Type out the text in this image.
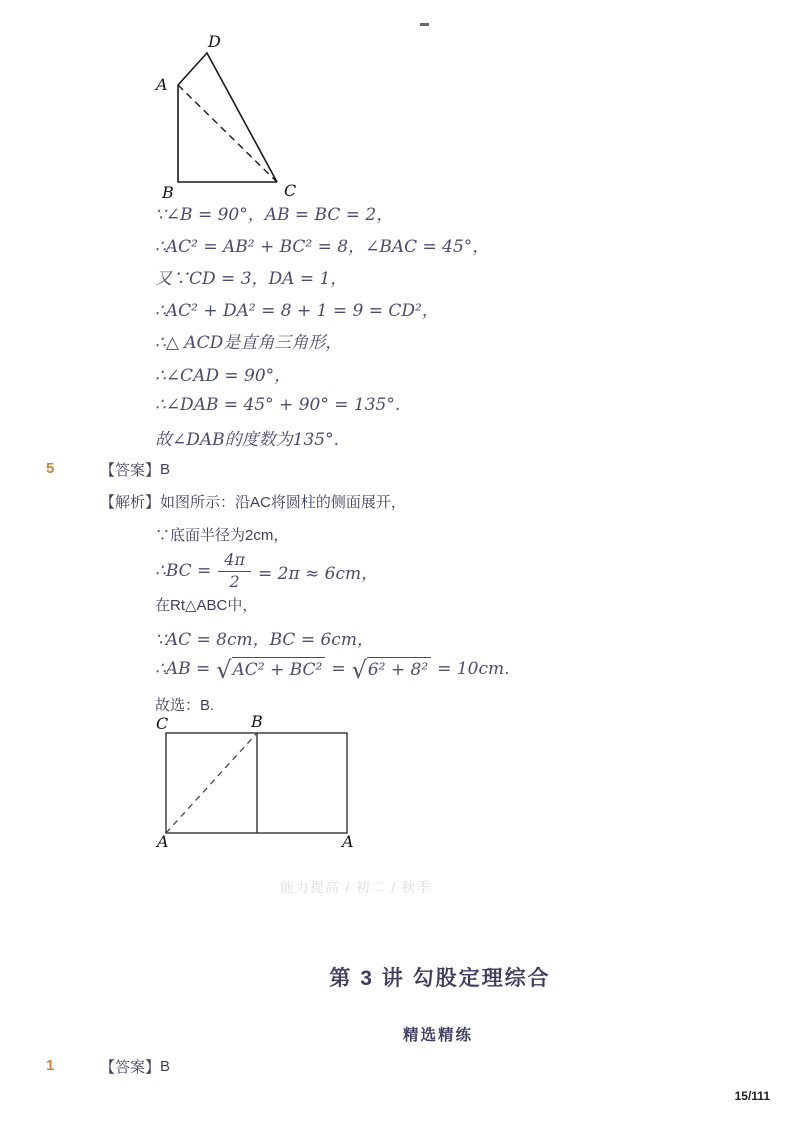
D
A
B	C
∵∠B = 90°，AB = BC = 2，
∴AC² = AB² + BC² = 8，∠BAC = 45°，
又∵CD = 3，DA = 1，
∴AC² + DA² = 8 + 1 = 9 = CD²，
∴△ ACD是直角三角形，
∴∠CAD = 90°，
∴∠DAB = 45° + 90° = 135°.
故∠DAB的度数为135°.
5	【答案】 B
【解析】 如图所示：沿AC将圆柱的侧面展开，
∵底面半径为2cm，
∴BC = $\frac{4\pi}{2} = 2\pi \approx 6cm$，
在Rt△ABC中，
∵AC = 8cm，BC = 6cm，
∴AB = √ AC² + BC² = √ 6² + 8² = 10cm.
故选：B.
C	B
A	A
能力提高 / 初二 / 秋季
第 3 讲 勾股定理综合
精选精练
1	【答案】 B
15/111
